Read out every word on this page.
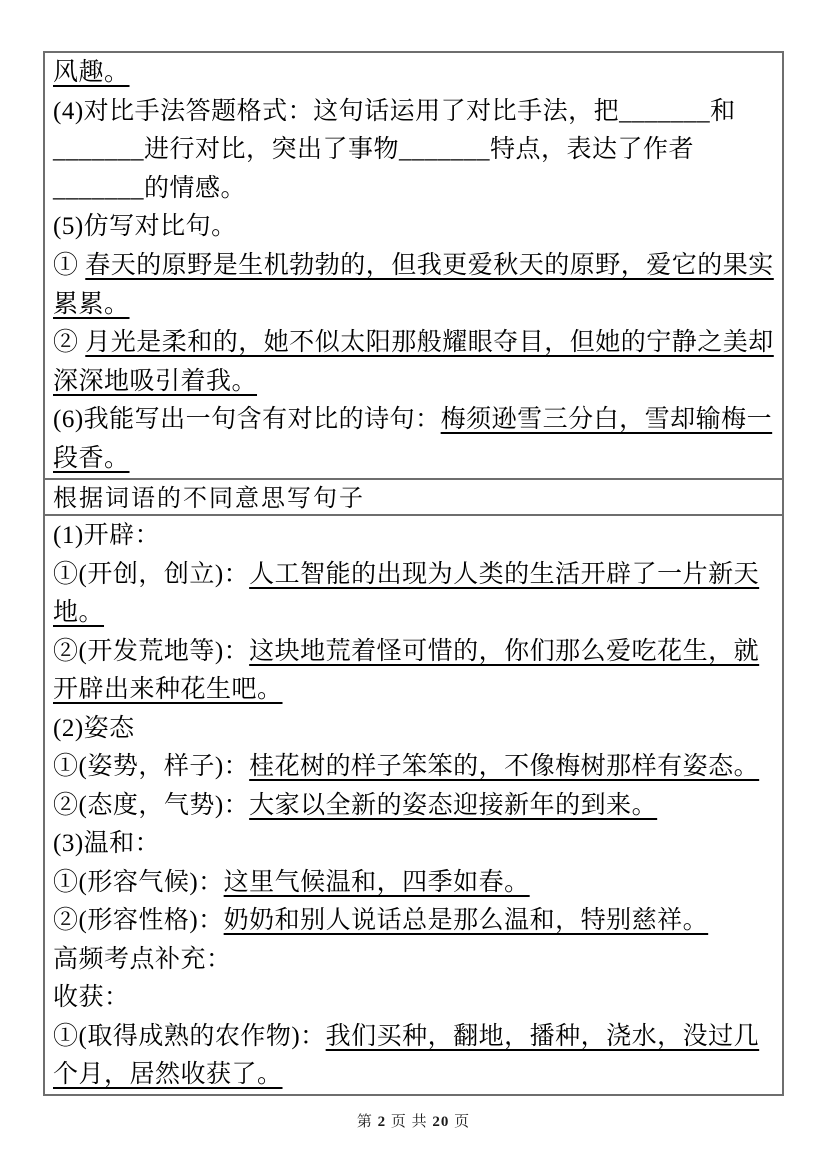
风趣。
(4)对比手法答题格式：这句话运用了对比手法，把_______和_______进行对比，突出了事物_______特点，表达了作者_______的情感。
(5)仿写对比句。
① 春天的原野是生机勃勃的，但我更爱秋天的原野，爱它的果实累累。
② 月光是柔和的，她不似太阳那般耀眼夺目，但她的宁静之美却深深地吸引着我。
(6)我能写出一句含有对比的诗句：梅须逊雪三分白，雪却输梅一段香。
根据词语的不同意思写句子
(1)开辟：
①(开创，创立)：人工智能的出现为人类的生活开辟了一片新天地。
②(开发荒地等)：这块地荒着怪可惜的，你们那么爱吃花生，就开辟出来种花生吧。
(2)姿态
①(姿势，样子)：桂花树的样子笨笨的，不像梅树那样有姿态。
②(态度，气势)：大家以全新的姿态迎接新年的到来。
(3)温和：
①(形容气候)：这里气候温和，四季如春。
②(形容性格)：奶奶和别人说话总是那么温和，特别慈祥。
高频考点补充：
收获：
①(取得成熟的农作物)：我们买种，翻地，播种，浇水，没过几个月，居然收获了。
第 2 页 共 20 页
